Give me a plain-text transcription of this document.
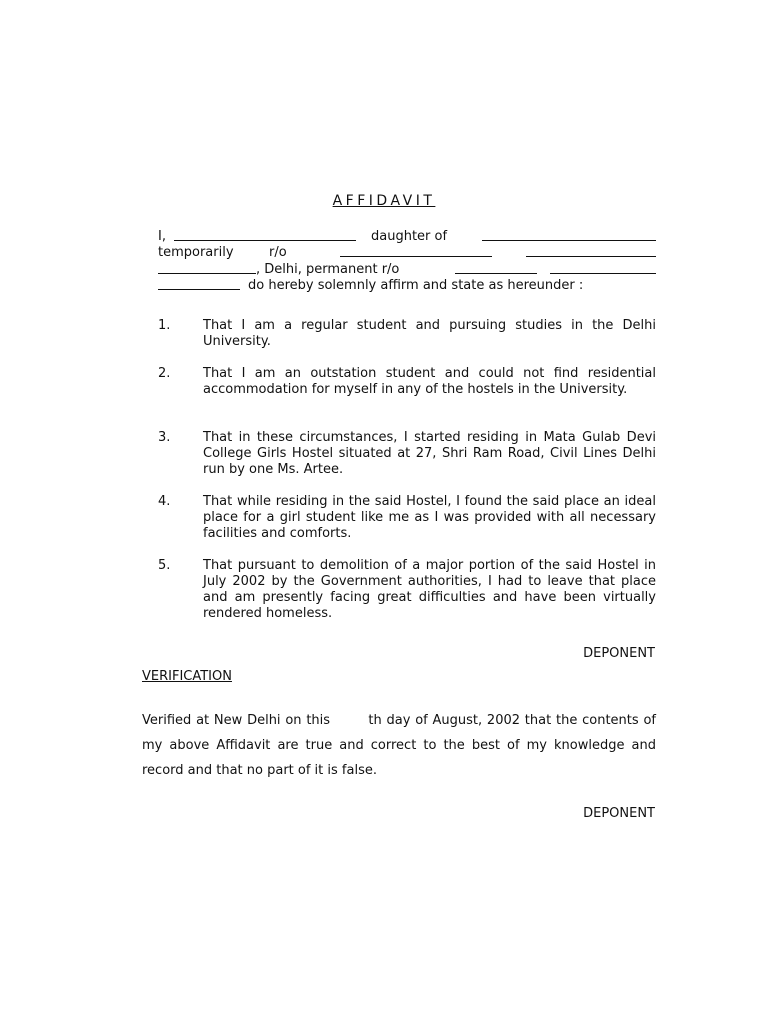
AFFIDAVIT
I,	daughter of
temporarily	r/o
, Delhi, permanent r/o
do hereby solemnly affirm and state as hereunder :
1.	That I am a regular student and pursuing studies in the Delhi University.
2.	That I am an outstation student and could not find residential accommodation for myself in any of the hostels in the University.
3.	That in these circumstances, I started residing in Mata Gulab Devi College Girls Hostel situated at 27, Shri Ram Road, Civil Lines Delhi run by one Ms. Artee.
4.	That while residing in the said Hostel, I found the said place an ideal place for a girl student like me as I was provided with all necessary facilities and comforts.
5.	That pursuant to demolition of a major portion of the said Hostel in July 2002 by the Government authorities, I had to leave that place and am presently facing great difficulties and have been virtually rendered homeless.
DEPONENT
VERIFICATION
Verified at New Delhi on this        th day of August, 2002 that the contents of my above Affidavit are true and correct to the best of my knowledge and record and that no part of it is false.
DEPONENT
